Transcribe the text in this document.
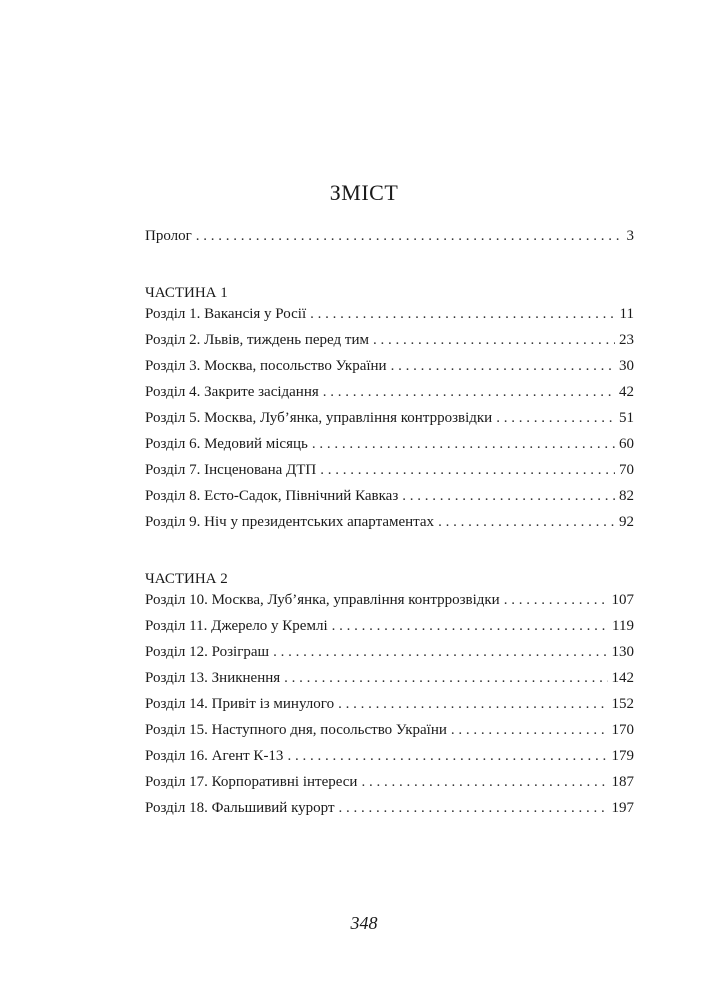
ЗМІСТ
Пролог . . .	3
ЧАСТИНА 1
Розділ 1. Вакансія у Росії . . .	11
Розділ 2. Львів, тиждень перед тим . . .	23
Розділ 3. Москва, посольство України . . .	30
Розділ 4. Закрите засідання . . .	42
Розділ 5. Москва, Луб’янка, управління контррозвідки . . .	51
Розділ 6. Медовий місяць . . .	60
Розділ 7. Інсценована ДТП . . .	70
Розділ 8. Есто-Садок, Північний Кавказ . . .	82
Розділ 9. Ніч у президентських апартаментах . . .	92
ЧАСТИНА 2
Розділ 10. Москва, Луб’янка, управління контррозвідки . . .	107
Розділ 11. Джерело у Кремлі . . .	119
Розділ 12. Розіграш . . .	130
Розділ 13. Зникнення . . .	142
Розділ 14. Привіт із минулого . . .	152
Розділ 15. Наступного дня, посольство України . . .	170
Розділ 16. Агент К-13 . . .	179
Розділ 17. Корпоративні інтереси . . .	187
Розділ 18. Фальшивий курорт . . .	197
348
